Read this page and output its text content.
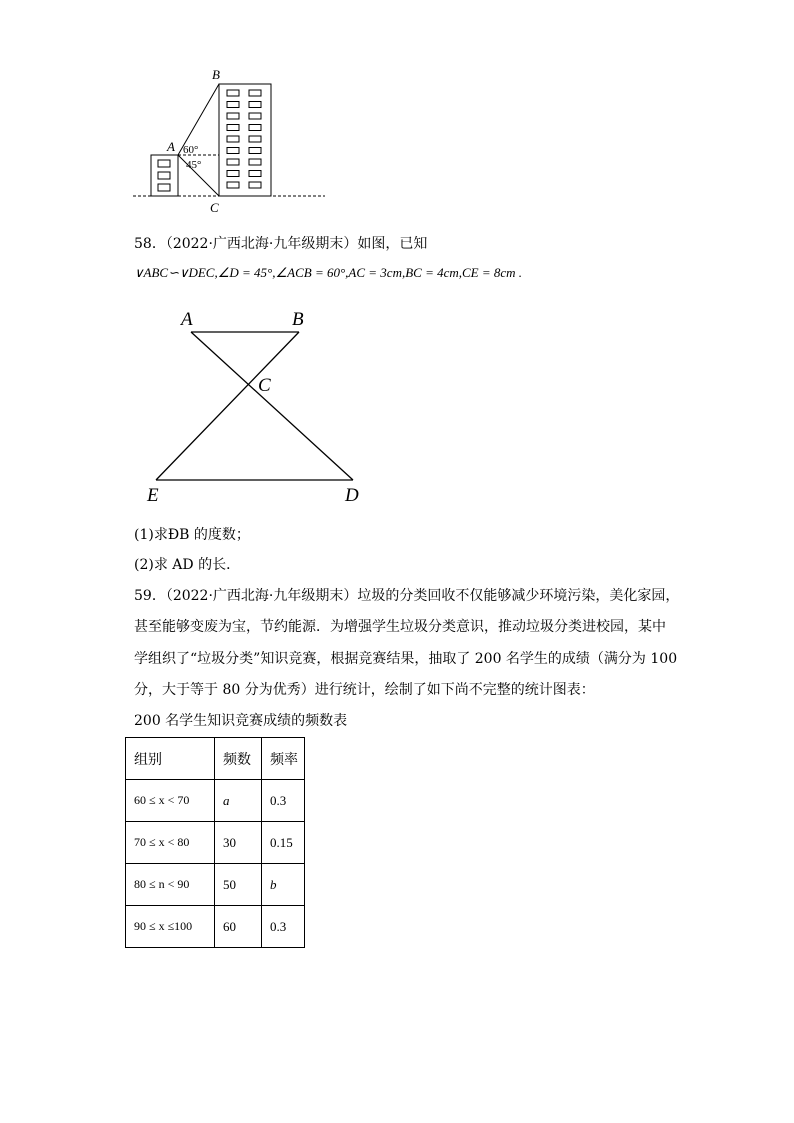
B
A
C
60°
45°
58．（2022·广西北海·九年级期末）如图，已知
∨ABC∽∨DEC,∠D = 45°,∠ACB = 60°,AC = 3cm,BC = 4cm,CE = 8cm .
A	B
C
E	D
(1)求ÐB 的度数；
(2)求 AD 的长．
59．（2022·广西北海·九年级期末）垃圾的分类回收不仅能够减少环境污染，美化家园，
甚至能够变废为宝，节约能源．为增强学生垃圾分类意识，推动垃圾分类进校园，某中
学组织了“垃圾分类”知识竞赛，根据竞赛结果，抽取了 200 名学生的成绩（满分为 100
分，大于等于 80 分为优秀）进行统计，绘制了如下尚不完整的统计图表：
200 名学生知识竞赛成绩的频数表
组别	频数	频率
60 ≤ x < 70	a	0.3
70 ≤ x < 80	30	0.15
80 ≤ n < 90	50	b
90 ≤ x ≤100	60	0.3
